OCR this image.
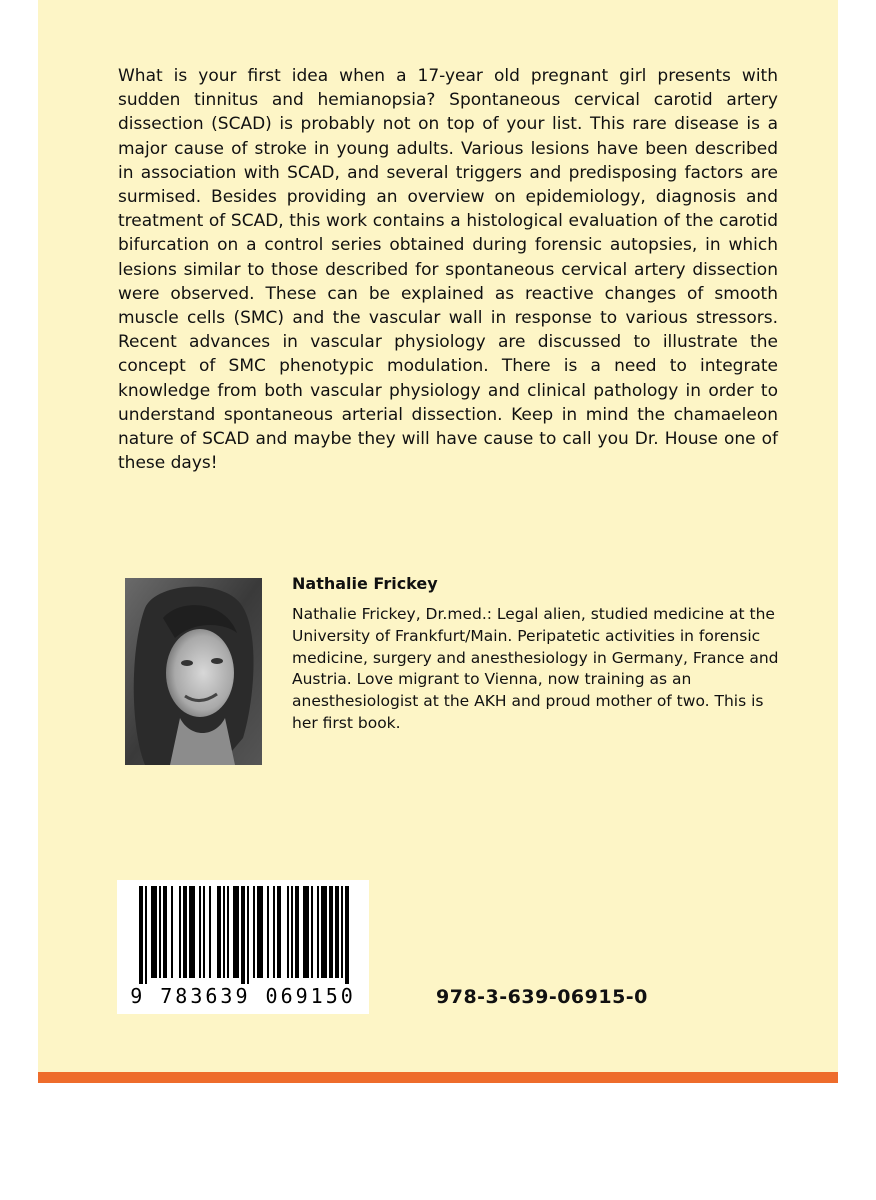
What is your first idea when a 17-year old pregnant girl presents with sudden tinnitus and hemianopsia? Spontaneous cervical carotid artery dissection (SCAD) is probably not on top of your list. This rare disease is a major cause of stroke in young adults. Various lesions have been described in association with SCAD, and several triggers and predisposing factors are surmised. Besides providing an overview on epidemiology, diagnosis and treatment of SCAD, this work contains a histological evaluation of the carotid bifurcation on a control series obtained during forensic autopsies, in which lesions similar to those described for spontaneous cervical artery dissection were observed. These can be explained as reactive changes of smooth muscle cells (SMC) and the vascular wall in response to various stressors. Recent advances in vascular physiology are discussed to illustrate the concept of SMC phenotypic modulation. There is a need to integrate knowledge from both vascular physiology and clinical pathology in order to understand spontaneous arterial dissection. Keep in mind the chamaeleon nature of SCAD and maybe they will have cause to call you Dr. House one of these days!

Nathalie Frickey

Nathalie Frickey, Dr.med.: Legal alien, studied medicine at the University of Frankfurt/Main. Peripatetic activities in forensic medicine, surgery and anesthesiology in Germany, France and Austria. Love migrant to Vienna, now training as an anesthesiologist at the AKH and proud mother of two. This is her first book.

9 783639 069150	978-3-639-06915-0
